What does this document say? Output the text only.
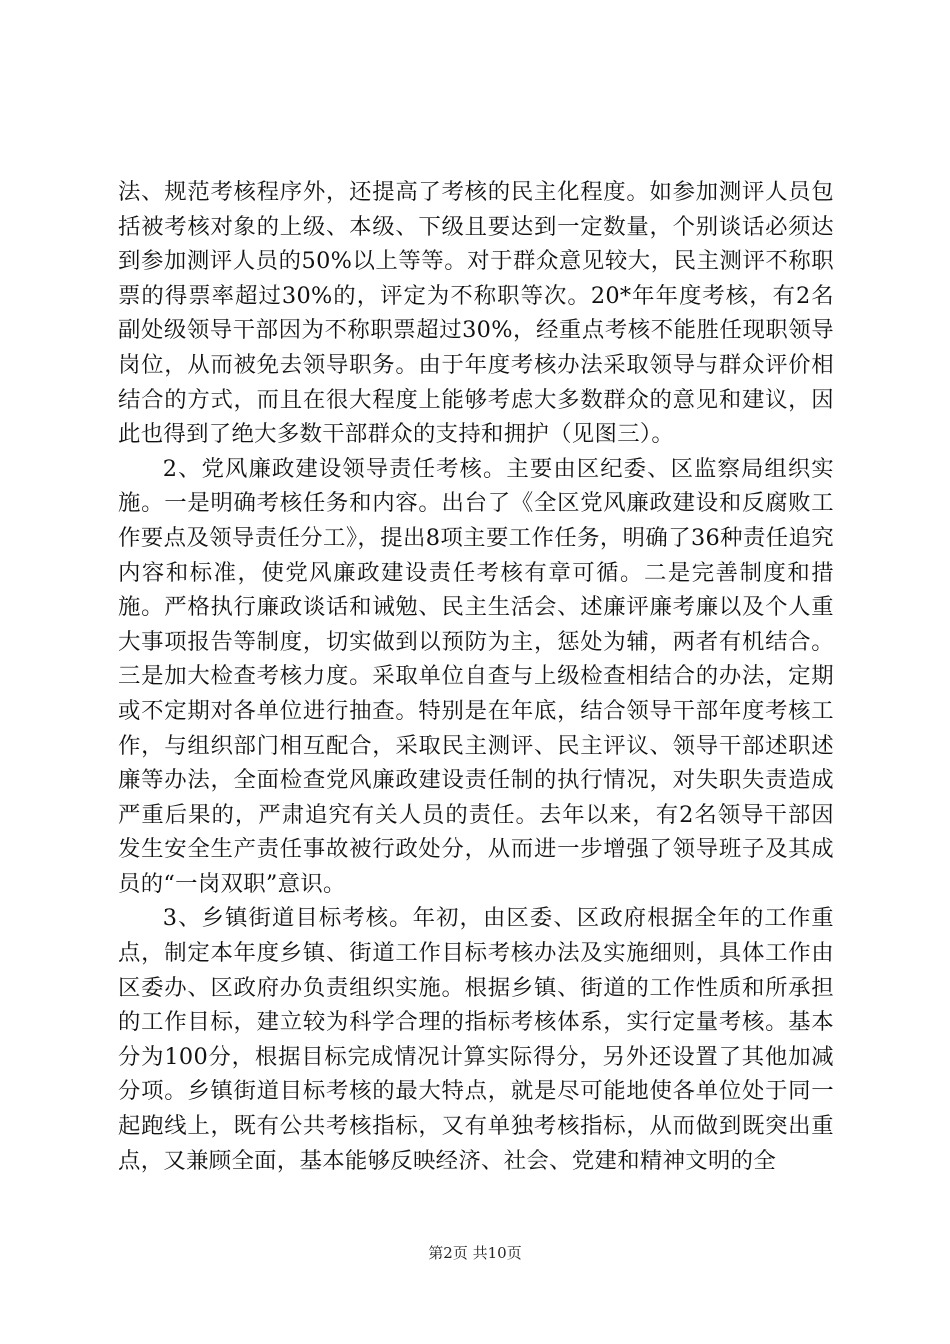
法、规范考核程序外，还提高了考核的民主化程度。如参加测评人员包括被考核对象的上级、本级、下级且要达到一定数量，个别谈话必须达到参加测评人员的50%以上等等。对于群众意见较大，民主测评不称职票的得票率超过30%的，评定为不称职等次。20*年年度考核，有2名副处级领导干部因为不称职票超过30%，经重点考核不能胜任现职领导岗位，从而被免去领导职务。由于年度考核办法采取领导与群众评价相结合的方式，而且在很大程度上能够考虑大多数群众的意见和建议，因此也得到了绝大多数干部群众的支持和拥护（见图三）。

2、党风廉政建设领导责任考核。主要由区纪委、区监察局组织实施。一是明确考核任务和内容。出台了《全区党风廉政建设和反腐败工作要点及领导责任分工》，提出8项主要工作任务，明确了36种责任追究内容和标准，使党风廉政建设责任考核有章可循。二是完善制度和措施。严格执行廉政谈话和诫勉、民主生活会、述廉评廉考廉以及个人重大事项报告等制度，切实做到以预防为主，惩处为辅，两者有机结合。三是加大检查考核力度。采取单位自查与上级检查相结合的办法，定期或不定期对各单位进行抽查。特别是在年底，结合领导干部年度考核工作，与组织部门相互配合，采取民主测评、民主评议、领导干部述职述廉等办法，全面检查党风廉政建设责任制的执行情况，对失职失责造成严重后果的，严肃追究有关人员的责任。去年以来，有2名领导干部因发生安全生产责任事故被行政处分，从而进一步增强了领导班子及其成员的“一岗双职”意识。

3、乡镇街道目标考核。年初，由区委、区政府根据全年的工作重点，制定本年度乡镇、街道工作目标考核办法及实施细则，具体工作由区委办、区政府办负责组织实施。根据乡镇、街道的工作性质和所承担的工作目标，建立较为科学合理的指标考核体系，实行定量考核。基本分为100分，根据目标完成情况计算实际得分，另外还设置了其他加减分项。乡镇街道目标考核的最大特点，就是尽可能地使各单位处于同一起跑线上，既有公共考核指标，又有单独考核指标，从而做到既突出重点，又兼顾全面，基本能够反映经济、社会、党建和精神文明的全

第2页 共10页
